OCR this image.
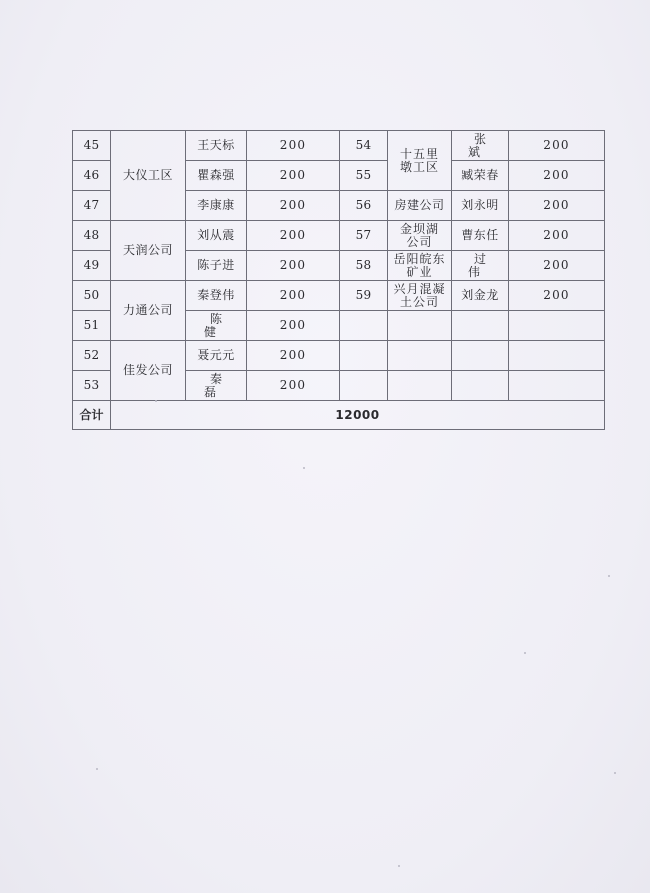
45	大仪工区	王天标	200	54	十五里墩工区	张 斌	200
46		瞿森强	200	55		臧荣春	200
47		李康康	200	56	房建公司	刘永明	200
48	天润公司	刘从震	200	57	金坝湖公司	曹东任	200
49		陈子进	200	58	岳阳皖东矿业	过 伟	200
50	力通公司	秦登伟	200	59	兴月混凝土公司	刘金龙	200
51		陈 健	200				
52	佳发公司	聂元元	200				
53		秦 磊	200				
合计	12000						
